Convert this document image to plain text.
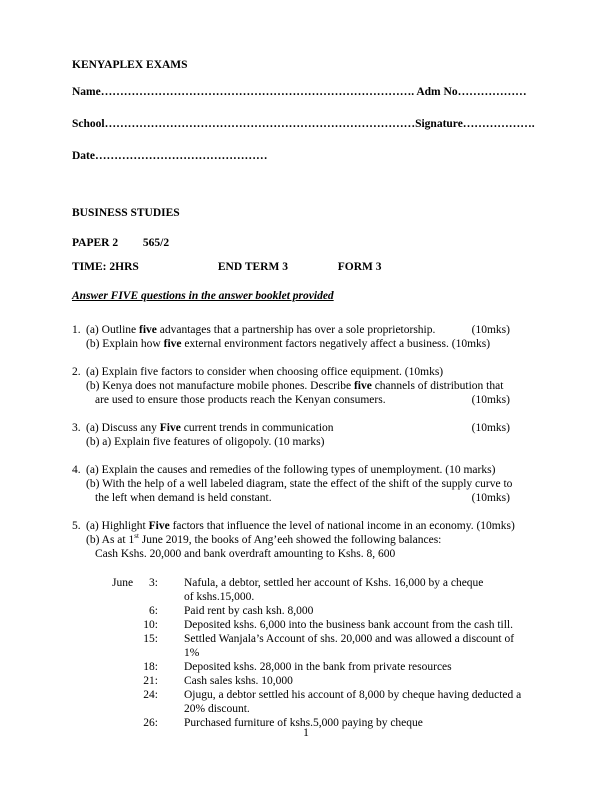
KENYAPLEX EXAMS
Name………………………………………………………………………. Adm No………………
School………………………………………………………………………Signature……………….
Date………………………………………
BUSINESS STUDIES
PAPER 2 565/2
TIME: 2HRS	END TERM 3	FORM 3
Answer FIVE questions in the answer booklet provided
1. (a) Outline five advantages that a partnership has over a sole proprietorship.	(10mks)
(b) Explain how five external environment factors negatively affect a business. (10mks)
2. (a) Explain five factors to consider when choosing office equipment. (10mks)
(b) Kenya does not manufacture mobile phones. Describe five channels of distribution that
are used to ensure those products reach the Kenyan consumers.	(10mks)
3. (a) Discuss any Five current trends in communication	(10mks)
(b) a) Explain five features of oligopoly. (10 marks)
4. (a) Explain the causes and remedies of the following types of unemployment. (10 marks)
(b) With the help of a well labeled diagram, state the effect of the shift of the supply curve to
the left when demand is held constant.	(10mks)
5. (a) Highlight Five factors that influence the level of national income in an economy. (10mks)
(b) As at 1st June 2019, the books of Ang’eeh showed the following balances:
Cash Kshs. 20,000 and bank overdraft amounting to Kshs. 8, 600
June	3: Nafula, a debtor, settled her account of Kshs. 16,000 by a cheque
of kshs.15,000.
6: Paid rent by cash ksh. 8,000
10: Deposited kshs. 6,000 into the business bank account from the cash till.
15: Settled Wanjala’s Account of shs. 20,000 and was allowed a discount of
1%
18: Deposited kshs. 28,000 in the bank from private resources
21: Cash sales kshs. 10,000
24: Ojugu, a debtor settled his account of 8,000 by cheque having deducted a
20% discount.
26: Purchased furniture of kshs.5,000 paying by cheque
1
